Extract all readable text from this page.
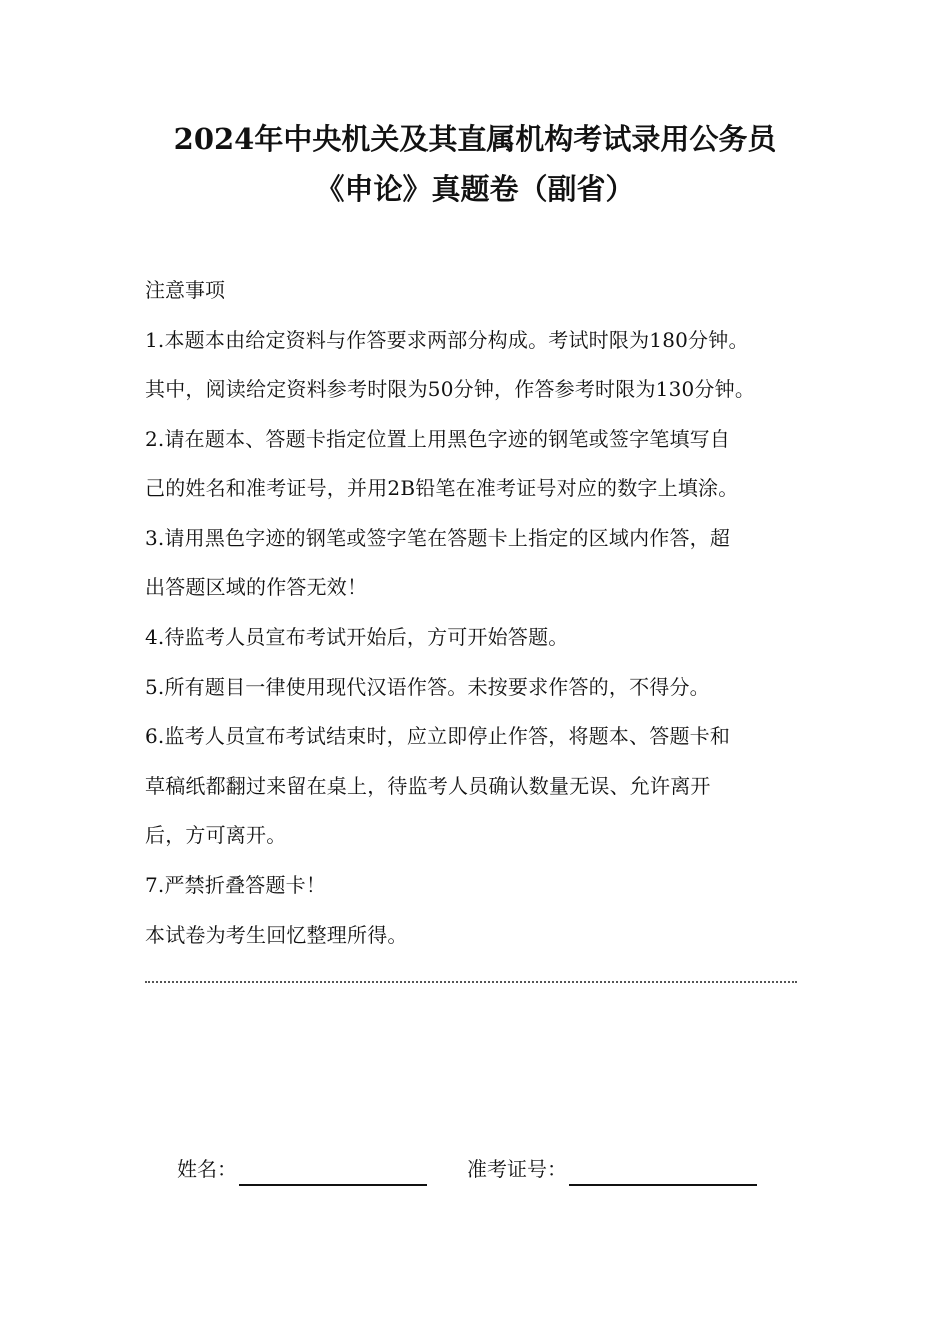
2024年中央机关及其直属机构考试录用公务员
《申论》真题卷（副省）
注意事项
1.本题本由给定资料与作答要求两部分构成。考试时限为180分钟。
其中，阅读给定资料参考时限为50分钟，作答参考时限为130分钟。
2.请在题本、答题卡指定位置上用黑色字迹的钢笔或签字笔填写自
己的姓名和准考证号，并用2B铅笔在准考证号对应的数字上填涂。
3.请用黑色字迹的钢笔或签字笔在答题卡上指定的区域内作答，超
出答题区域的作答无效！
4.待监考人员宣布考试开始后，方可开始答题。
5.所有题目一律使用现代汉语作答。未按要求作答的，不得分。
6.监考人员宣布考试结束时，应立即停止作答，将题本、答题卡和
草稿纸都翻过来留在桌上，待监考人员确认数量无误、允许离开
后，方可离开。
7.严禁折叠答题卡！
本试卷为考生回忆整理所得。
姓名：	准考证号：
